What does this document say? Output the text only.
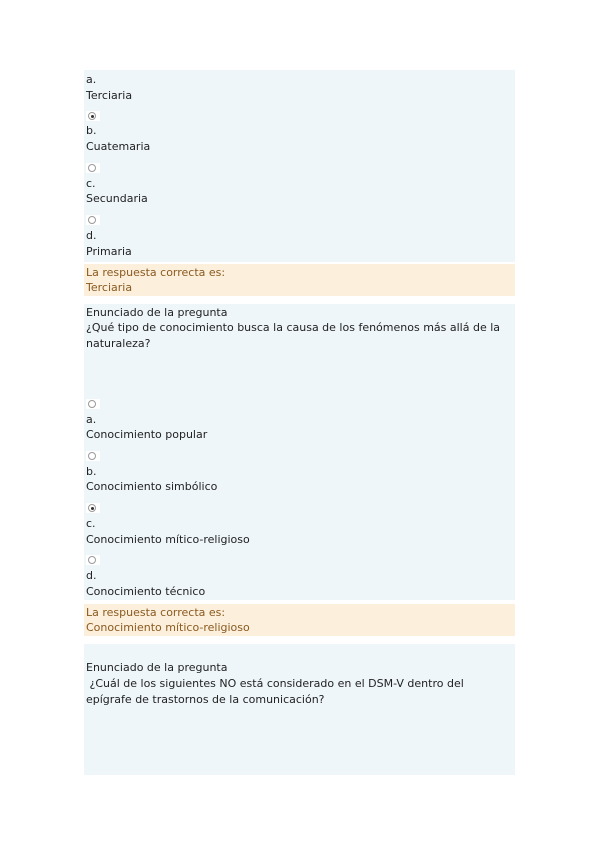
a.
Terciaria
b.
Cuatemaria
c.
Secundaria
d.
Primaria
La respuesta correcta es:
Terciaria
Enunciado de la pregunta
¿Qué tipo de conocimiento busca la causa de los fenómenos más allá de la naturaleza?
a.
Conocimiento popular
b.
Conocimiento simbólico
c.
Conocimiento mítico-religioso
d.
Conocimiento técnico
La respuesta correcta es:
Conocimiento mítico-religioso
Enunciado de la pregunta
¿Cuál de los siguientes NO está considerado en el DSM-V dentro del epígrafe de trastornos de la comunicación?
